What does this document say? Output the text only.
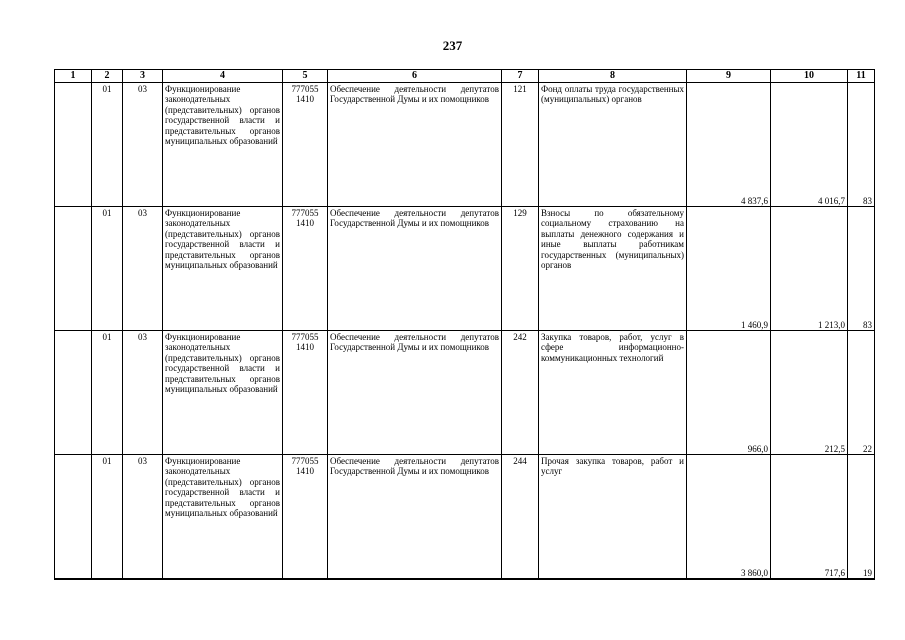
237
1	2	3	4	5	6	7	8	9	10	11
	01	03	Функционирование законодательных (представительных) органов государственной власти и представительных органов муниципальных образований	777055 1410	Обеспечение деятельности депутатов Государственной Думы и их помощников	121	Фонд оплаты труда государственных (муниципальных) органов	4 837,6	4 016,7	83
	01	03	Функционирование законодательных (представительных) органов государственной власти и представительных органов муниципальных образований	777055 1410	Обеспечение деятельности депутатов Государственной Думы и их помощников	129	Взносы по обязательному социальному страхованию на выплаты денежного содержания и иные выплаты работникам государственных (муниципальных) органов	1 460,9	1 213,0	83
	01	03	Функционирование законодательных (представительных) органов государственной власти и представительных органов муниципальных образований	777055 1410	Обеспечение деятельности депутатов Государственной Думы и их помощников	242	Закупка товаров, работ, услуг в сфере информационно-коммуникационных технологий	966,0	212,5	22
	01	03	Функционирование законодательных (представительных) органов государственной власти и представительных органов муниципальных образований	777055 1410	Обеспечение деятельности депутатов Государственной Думы и их помощников	244	Прочая закупка товаров, работ и услуг	3 860,0	717,6	19
